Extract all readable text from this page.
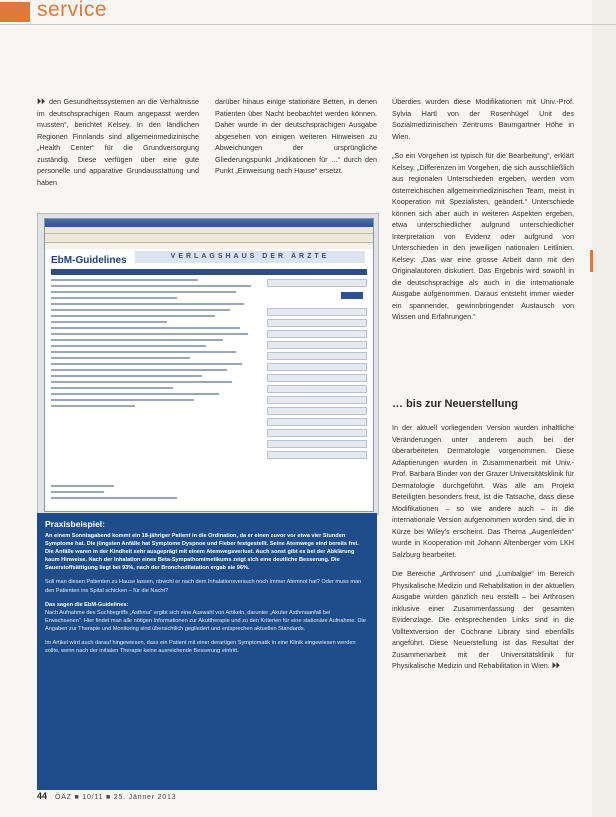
service

⏵⏵ den Gesundheitssystemen an die Verhältnisse im deutschsprachigen Raum angepasst werden mussten“, berichtet Kelsey. In den ländlichen Regionen Finnlands sind allgemeinmedizinische „Health Center“ für die Grundversorgung zuständig. Diese verfügen über eine gute personelle und apparative Grundausstattung und haben

darüber hinaus einige stationäre Betten, in denen Patienten über Nacht beobachtet werden können. Daher wurde in der deutschsprachigen Ausgabe abgesehen von einigen weiteren Hinweisen zu Abweichungen der ursprüngliche Gliederungspunkt „Indikationen für …“ durch den Punkt „Einweisung nach Hause“ ersetzt.

Überdies wurden diese Modifikationen mit Univ.-Prof. Sylvia Hartl von der Rosenhügel Unit des Sozialmedizinischen Zentrums Baumgartner Höhe in Wien.

„So ein Vorgehen ist typisch für die Bearbeitung“, erklärt Kelsey. „Differenzen im Vorgehen, die sich ausschließlich aus regionalen Unterschieden ergeben, werden vom österreichischen allgemeinmedizinischen Team, meist in Kooperation mit Spezialisten, geändert.“ Unterschiede können sich aber auch in weiteren Aspekten ergeben, etwa unterschiedlicher aufgrund unterschiedlicher Interpretation von Evidenz oder aufgrund von Unterschieden in den jeweiligen nationalen Leitlinien. Kelsey: „Das war eine grosse Arbeit dann mit den Originalautoren diskutiert. Das Ergebnis wird sowohl in die deutschsprachige als auch in die internationale Ausgabe aufgenommen. Daraus entsteht immer wieder ein spannender, gewinnbringender Austausch von Wissen und Erfahrungen.“

… bis zur Neuerstellung

In der aktuell vorliegenden Version wurden inhaltliche Veränderungen unter anderem auch bei der überarbeiteten Dermatologie vorgenommen. Diese Adaptierungen wurden in Zusammenarbeit mit Univ.-Prof. Barbara Binder von der Grazer Universitätsklinik für Dermatologie durchgeführt. Was alle am Projekt Beteiligten besonders freut, ist die Tatsache, dass diese Modifikationen – so wie andere auch – in die internationale Version aufgenommen worden sind, die in Kürze bei Wiley’s erscheint. Das Thema „Augenleiden“ wurde in Kooperation mit Johann Altenberger vom LKH Salzburg bearbeitet.

Die Bereiche „Arthrosen“ und „Lumbalgie“ im Bereich Physikalische Medizin und Rehabilitation in der aktuellen Ausgabe wurden gänzlich neu erstellt – bei Arthrosen inklusive einer Zusammenfassung der gesamten Evidenzlage. Die entsprechenden Links sind in die Volltextversion der Cochrane Library sind ebenfalls angeführt. Diese Neuerstellung ist das Resultat der Zusammenarbeit mit der Universitätsklinik für Physikalische Medizin und Rehabilitation in Wien. ⏵⏵

EbM-Guidelines	VERLAGSHAUS DER ÄRZTE
Praxisbeispiel:

An einem Sonntagabend kommt ein 18-jähriger Patient in die Ordination, da er einen zuvor vor etwa vier Stunden Symptome hat. Die jüngsten Anfälle hat Symptome Dyspnoe und Fieber festgestellt. Seine Atemwege sind bereits frei. Die Anfälle waren in der Kindheit sehr ausgeprägt mit einem Atemwegsverlust. Auch sonst gibt es bei der Abklärung kaum Hinweise. Nach der Inhalation eines Beta-Sympathomimetikums zeigt sich eine deutliche Besserung. Die Sauerstoffsättigung liegt bei 93%, nach der Bronchodilatation ergab sie 96%.

Soll man diesen Patienten zu Hause lassen, obwohl er nach dem Inhalationsversuch noch immer Atemnot hat? Oder muss man den Patienten ins Spital schicken – für die Nacht?

Das sagen die EbM-Guidelines:
Nach Aufnahme des Suchbegriffs „Asthma“ ergibt sich eine Auswahl von Artikeln, darunter „Akuter Asthmaanfall bei Erwachsenen“. Hier findet man alle nötigen Informationen zur Akuttherapie und zu den Kriterien für eine stationäre Aufnahme. Die Angaben zur Therapie und Monitoring sind übersichtlich gegliedert und entsprechen aktuellen Standards.

Im Artikel wird auch darauf hingewiesen, dass ein Patient mit einer derartigen Symptomatik in eine Klinik eingewiesen werden sollte, wenn nach der initialen Therapie keine ausreichende Besserung eintritt.

44 ÖÄZ ■ 10/11 ■ 25. Jänner 2013
